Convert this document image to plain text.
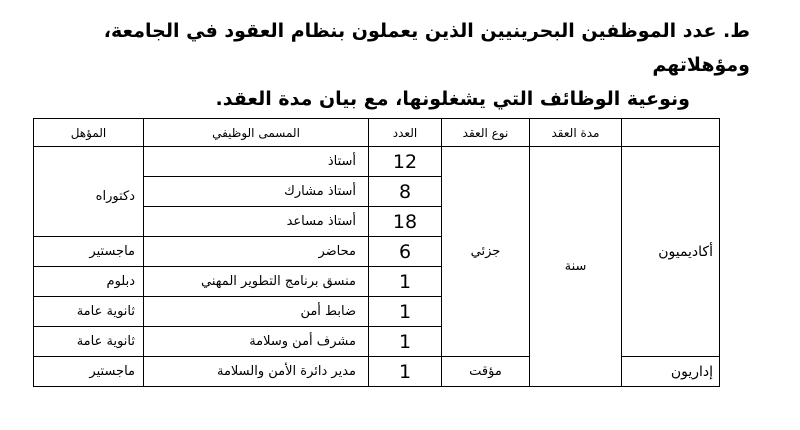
ط. عدد الموظفين البحرينيين الذين يعملون بنظام العقود في الجامعة، ومؤهلاتهم
ونوعية الوظائف التي يشغلونها، مع بيان مدة العقد.
	مدة العقد	نوع العقد	العدد	المسمى الوظيفي	المؤهل
أكاديميون	سنة	جزئي	12	أستاذ	دكتوراه
			8	أستاذ مشارك	
			18	أستاذ مساعد	
			6	محاضر	ماجستير
			1	منسق برنامج التطوير المهني	دبلوم
			1	ضابط أمن	ثانوية عامة
			1	مشرف أمن وسلامة	ثانوية عامة
إداريون		مؤقت	1	مدير دائرة الأمن والسلامة	ماجستير
